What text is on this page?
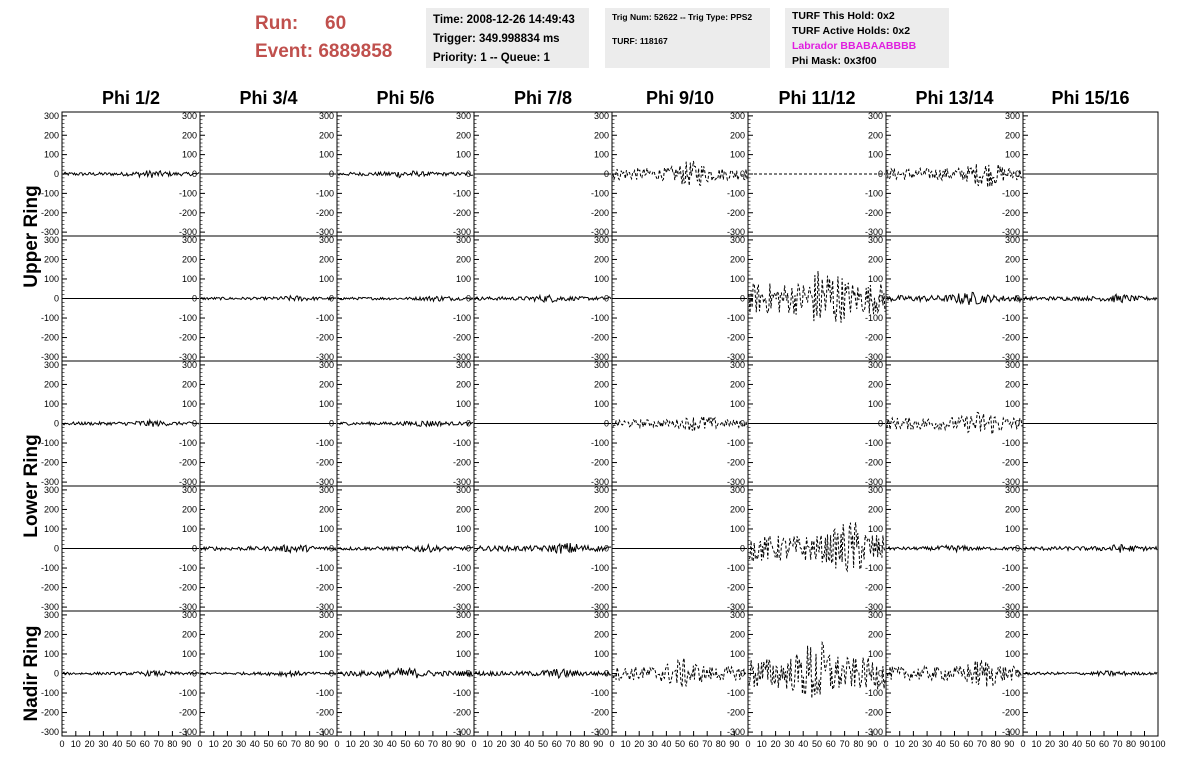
Run: 60
Event: 6889858
Time: 2008-12-26 14:49:43
Trigger: 349.998834 ms
Priority: 1 -- Queue: 1
Trig Num: 52622 -- Trig Type: PPS2
TURF: 118167
TURF This Hold: 0x2
TURF Active Holds: 0x2
Labrador BBABAABBBB
Phi Mask: 0x3f00
Phi 1/2	Phi 3/4	Phi 5/6	Phi 7/8	Phi 9/10	Phi 11/12	Phi 13/14	Phi 15/16
Upper Ring
Lower Ring
Nadir Ring
-300
-200
-100
0
100
200
300
-300
-200
-100
0
100
200
300
-300
-200
-100
0
100
200
300
-300
-200
-100
0
100
200
300
-300
-200
-100
0
100
200
300
-300
-200
-100
0
100
200
300
-300
-200
-100
0
100
200
300
-300
-200
-100
0
100
200
300
-300
-200
-100
0
100
200
300
-300
-200
-100
0
100
200
300
-300
-200
-100
0
100
200
300
-300
-200
-100
0
100
200
300
-300
-200
-100
0
100
200
300
-300
-200
-100
0
100
200
300
-300
-200
-100
0
100
200
300
-300
-200
-100
0
100
200
300
-300
-200
-100
0
100
200
300
-300
-200
-100
0
100
200
300
-300
-200
-100
0
100
200
300
-300
-200
-100
0
100
200
300
-300
-200
-100
0
100
200
300
-300
-200
-100
0
100
200
300
-300
-200
-100
0
100
200
300
-300
-200
-100
0
100
200
300
-300
-200
-100
0
100
200
300
-300
-200
-100
0
100
200
300
-300
-200
-100
0
100
200
300
-300
-200
-100
0
100
200
300
-300
-200
-100
0
100
200
300
-300
-200
-100
0
100
200
300
-300
-200
-100
0
100
200
300
-300
-200
-100
0
100
200
300
-300
-200
-100
0
100
200
300
-300
-200
-100
0
100
200
300
-300
-200
-100
0
100
200
300
-300
-200
-100
0
100
200
300
-300
-200
-100
0
100
200
300
-300
-200
-100
0
100
200
300
-300
-200
-100
0
100
200
300
-300
-200
-100
0
100
200
300
0 10 20 30 40 50 60 70 80 90 0 10 20 30 40 50 60 70 80 90 0 10 20 30 40 50 60 70 80 90 0 10 20 30 40 50 60 70 80 90 0 10 20 30 40 50 60 70 80 90 0 10 20 30 40 50 60 70 80 90 0 10 20 30 40 50 60 70 80 90 0 10 20 30 40 50 60 70 80 90 100
